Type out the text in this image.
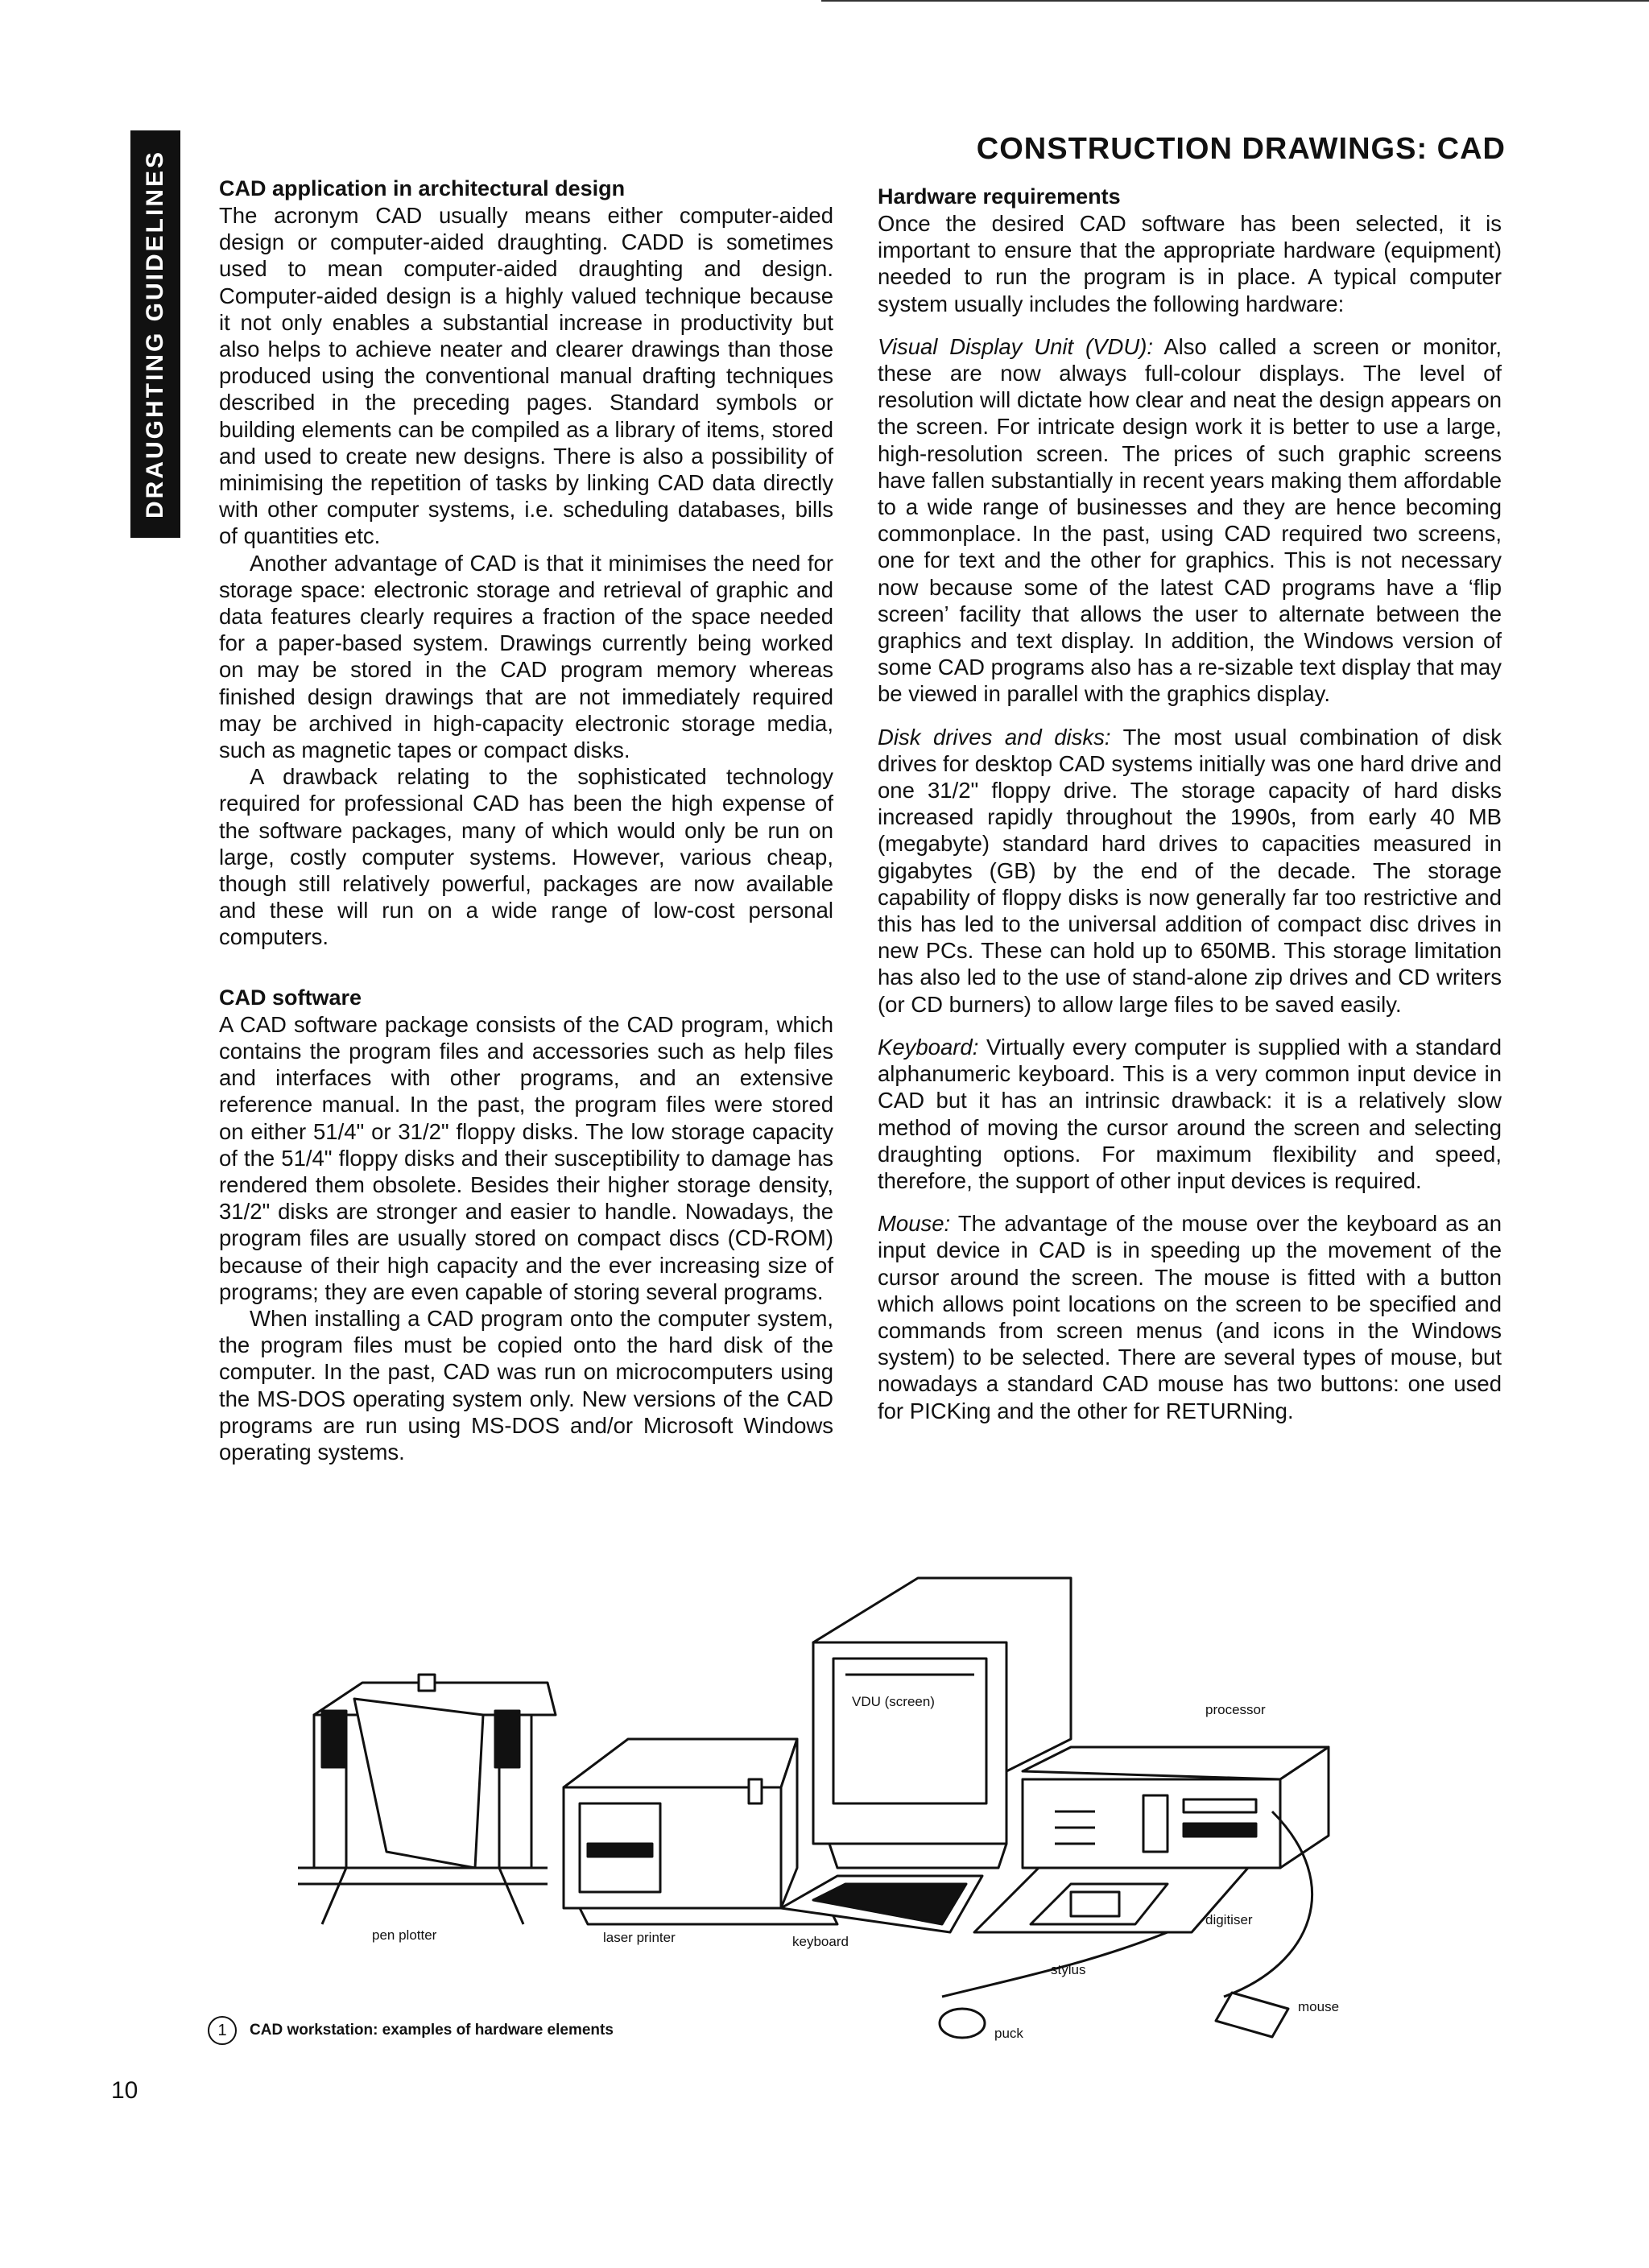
DRAUGHTING GUIDELINES
CONSTRUCTION DRAWINGS: CAD
CAD application in architectural design

The acronym CAD usually means either computer-aided design or computer-aided draughting. CADD is sometimes used to mean computer-aided draughting and design. Computer-aided design is a highly valued technique because it not only enables a substantial increase in productivity but also helps to achieve neater and clearer drawings than those produced using the conventional manual drafting techniques described in the preceding pages. Standard symbols or building elements can be compiled as a library of items, stored and used to create new designs. There is also a possibility of minimising the repetition of tasks by linking CAD data directly with other computer systems, i.e. scheduling databases, bills of quantities etc.

Another advantage of CAD is that it minimises the need for storage space: electronic storage and retrieval of graphic and data features clearly requires a fraction of the space needed for a paper-based system. Drawings currently being worked on may be stored in the CAD program memory whereas finished design drawings that are not immediately required may be archived in high-capacity electronic storage media, such as magnetic tapes or compact disks.

A drawback relating to the sophisticated technology required for professional CAD has been the high expense of the software packages, many of which would only be run on large, costly computer systems. However, various cheap, though still relatively powerful, packages are now available and these will run on a wide range of low-cost personal computers.

CAD software

A CAD software package consists of the CAD program, which contains the program files and accessories such as help files and interfaces with other programs, and an extensive reference manual. In the past, the program files were stored on either 51/4" or 31/2" floppy disks. The low storage capacity of the 51/4" floppy disks and their susceptibility to damage has rendered them obsolete. Besides their higher storage density, 31/2" disks are stronger and easier to handle. Nowadays, the program files are usually stored on compact discs (CD-ROM) because of their high capacity and the ever increasing size of programs; they are even capable of storing several programs.

When installing a CAD program onto the computer system, the program files must be copied onto the hard disk of the computer. In the past, CAD was run on microcomputers using the MS-DOS operating system only. New versions of the CAD programs are run using MS-DOS and/or Microsoft Windows operating systems.

Hardware requirements

Once the desired CAD software has been selected, it is important to ensure that the appropriate hardware (equipment) needed to run the program is in place. A typical computer system usually includes the following hardware:

Visual Display Unit (VDU): Also called a screen or monitor, these are now always full-colour displays. The level of resolution will dictate how clear and neat the design appears on the screen. For intricate design work it is better to use a large, high-resolution screen. The prices of such graphic screens have fallen substantially in recent years making them affordable to a wide range of businesses and they are hence becoming commonplace. In the past, using CAD required two screens, one for text and the other for graphics. This is not necessary now because some of the latest CAD programs have a ‘flip screen’ facility that allows the user to alternate between the graphics and text display. In addition, the Windows version of some CAD programs also has a re-sizable text display that may be viewed in parallel with the graphics display.

Disk drives and disks: The most usual combination of disk drives for desktop CAD systems initially was one hard drive and one 31/2" floppy drive. The storage capacity of hard disks increased rapidly throughout the 1990s, from early 40 MB (megabyte) standard hard drives to capacities measured in gigabytes (GB) by the end of the decade. The storage capability of floppy disks is now generally far too restrictive and this has led to the universal addition of compact disc drives in new PCs. These can hold up to 650MB. This storage limitation has also led to the use of stand-alone zip drives and CD writers (or CD burners) to allow large files to be saved easily.

Keyboard: Virtually every computer is supplied with a standard alphanumeric keyboard. This is a very common input device in CAD but it has an intrinsic drawback: it is a relatively slow method of moving the cursor around the screen and selecting draughting options. For maximum flexibility and speed, therefore, the support of other input devices is required.

Mouse: The advantage of the mouse over the keyboard as an input device in CAD is in speeding up the movement of the cursor around the screen. The mouse is fitted with a button which allows point locations on the screen to be specified and commands from screen menus (and icons in the Windows system) to be selected. There are several types of mouse, but nowadays a standard CAD mouse has two buttons: one used for PICKing and the other for RETURNing.

VDU (screen)
processor
pen plotter	laser printer	keyboard
digitiser
stylus
mouse
puck
1	CAD workstation: examples of hardware elements
10
